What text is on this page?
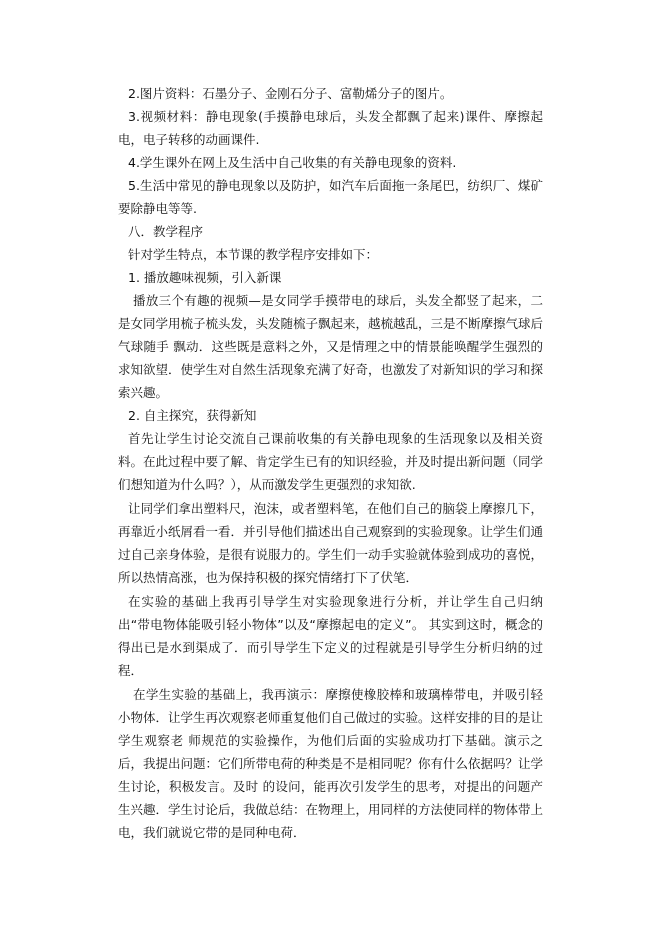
2.图片资料：石墨分子、金刚石分子、富勒烯分子的图片。

3.视频材料：静电现象(手摸静电球后，头发全都飘了起来)课件、摩擦起电，电子转移的动画课件.

4.学生课外在网上及生活中自己收集的有关静电现象的资料.

5.生活中常见的静电现象以及防护，如汽车后面拖一条尾巴，纺织厂、煤矿要除静电等等.

八．教学程序

针对学生特点，本节课的教学程序安排如下：

1. 播放趣味视频，引入新课

播放三个有趣的视频—是女同学手摸带电的球后，头发全都竖了起来，二是女同学用梳子梳头发，头发随梳子飘起来，越梳越乱，三是不断摩擦气球后气球随手 飘动．这些既是意料之外，又是情理之中的情景能唤醒学生强烈的求知欲望．使学生对自然生活现象充满了好奇，也激发了对新知识的学习和探索兴趣。

2. 自主探究，获得新知

首先让学生讨论交流自己课前收集的有关静电现象的生活现象以及相关资料。在此过程中要了解、肯定学生已有的知识经验，并及时提出新问题（同学们想知道为什么吗？），从而激发学生更强烈的求知欲.

让同学们拿出塑料尺，泡沫，或者塑料笔，在他们自己的脑袋上摩擦几下，再靠近小纸屑看一看．并引导他们描述出自己观察到的实验现象。让学生们通过自己亲身体验，是很有说服力的。学生们一动手实验就体验到成功的喜悦，所以热情高涨，也为保持积极的探究情绪打下了伏笔．

在实验的基础上我再引导学生对实验现象进行分析，并让学生自己归纳出“带电物体能吸引轻小物体”以及“摩擦起电的定义”。 其实到这时，概念的得出已是水到渠成了．而引导学生下定义的过程就是引导学生分析归纳的过程．

在学生实验的基础上，我再演示：摩擦使橡胶棒和玻璃棒带电，并吸引轻小物体．让学生再次观察老师重复他们自己做过的实验。这样安排的目的是让学生观察老 师规范的实验操作，为他们后面的实验成功打下基础。演示之后，我提出问题：它们所带电荷的种类是不是相同呢？你有什么依据吗？让学生讨论，积极发言。及时 的设问，能再次引发学生的思考，对提出的问题产生兴趣．学生讨论后，我做总结：在物理上，用同样的方法使同样的物体带上电，我们就说它带的是同种电荷．
